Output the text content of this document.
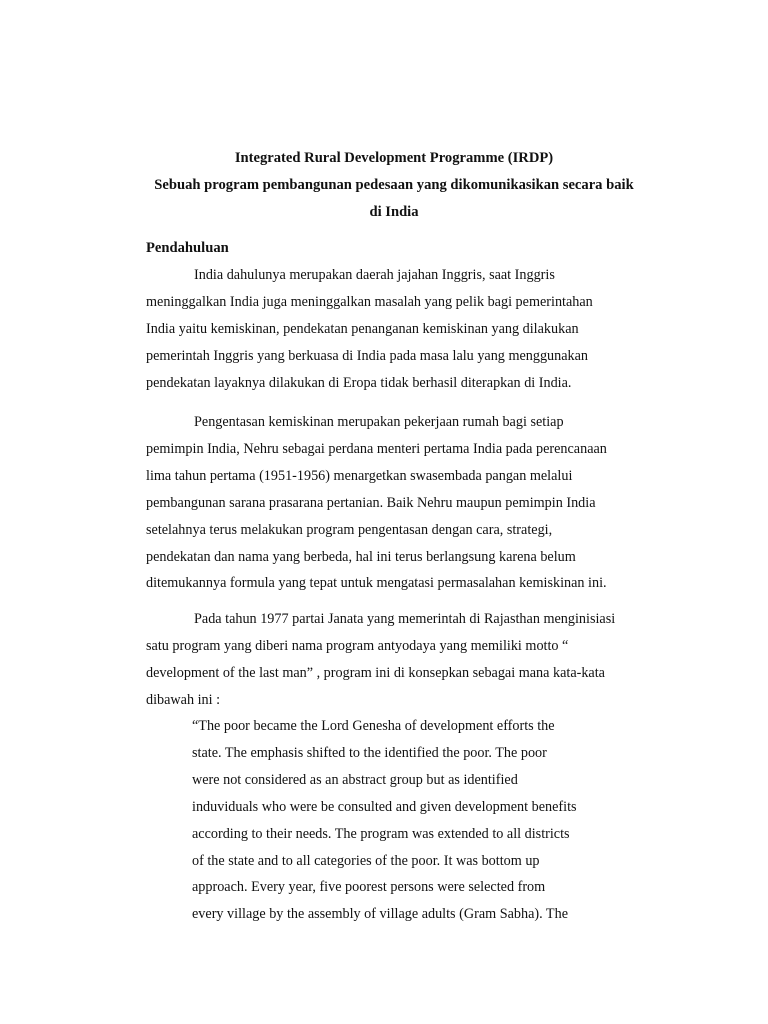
Integrated Rural Development Programme (IRDP)
Sebuah program pembangunan pedesaan yang dikomunikasikan secara baik
di India
Pendahuluan
India dahulunya merupakan daerah jajahan Inggris, saat Inggris
meninggalkan India juga meninggalkan masalah yang pelik bagi pemerintahan
India yaitu kemiskinan, pendekatan penanganan kemiskinan yang dilakukan
pemerintah Inggris yang berkuasa di India pada masa lalu yang menggunakan
pendekatan layaknya dilakukan di Eropa tidak berhasil diterapkan di India.
Pengentasan kemiskinan merupakan pekerjaan rumah bagi setiap
pemimpin India, Nehru sebagai perdana menteri pertama India pada perencanaan
lima tahun pertama (1951-1956) menargetkan swasembada pangan melalui
pembangunan sarana prasarana pertanian. Baik Nehru maupun pemimpin India
setelahnya terus melakukan program pengentasan dengan cara, strategi,
pendekatan dan nama yang berbeda, hal ini terus berlangsung karena belum
ditemukannya formula yang tepat untuk mengatasi permasalahan kemiskinan ini.
Pada tahun 1977 partai Janata yang memerintah di Rajasthan menginisiasi
satu program yang diberi nama program antyodaya yang memiliki motto “
development of the last man” , program ini di konsepkan sebagai mana kata-kata
dibawah ini :
“The poor became the Lord Genesha of development efforts the
state. The emphasis shifted to the identified the poor. The poor
were not considered as an abstract group but as identified
induviduals who were be consulted and given development benefits
according to their needs. The program was extended to all districts
of the state and to all categories of the poor. It was bottom up
approach. Every year, five poorest persons were selected from
every village by the assembly of village adults (Gram Sabha). The
